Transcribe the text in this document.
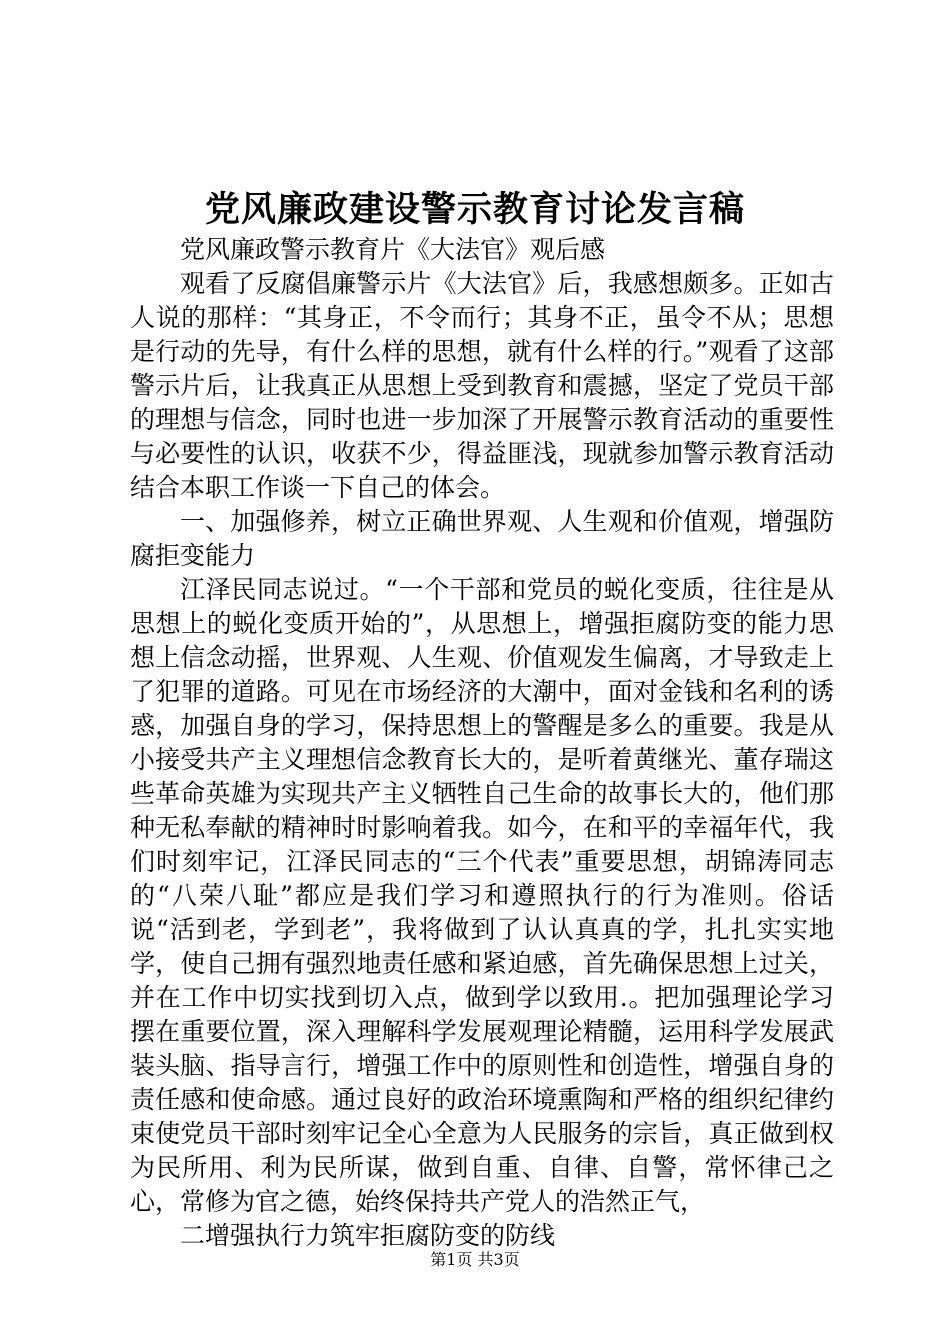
党风廉政建设警示教育讨论发言稿

党风廉政警示教育片《大法官》观后感

观看了反腐倡廉警示片《大法官》后，我感想颇多。正如古人说的那样：“其身正，不令而行；其身不正，虽令不从；思想是行动的先导，有什么样的思想，就有什么样的行。”观看了这部警示片后，让我真正从思想上受到教育和震撼，坚定了党员干部的理想与信念，同时也进一步加深了开展警示教育活动的重要性与必要性的认识，收获不少，得益匪浅，现就参加警示教育活动结合本职工作谈一下自己的体会。

一、加强修养，树立正确世界观、人生观和价值观，增强防腐拒变能力

江泽民同志说过。“一个干部和党员的蜕化变质，往往是从思想上的蜕化变质开始的”，从思想上，增强拒腐防变的能力思想上信念动摇，世界观、人生观、价值观发生偏离，才导致走上了犯罪的道路。可见在市场经济的大潮中，面对金钱和名利的诱惑，加强自身的学习，保持思想上的警醒是多么的重要。我是从小接受共产主义理想信念教育长大的，是听着黄继光、董存瑞这些革命英雄为实现共产主义牺牲自己生命的故事长大的，他们那种无私奉献的精神时时影响着我。如今，在和平的幸福年代，我们时刻牢记，江泽民同志的“三个代表”重要思想，胡锦涛同志的“八荣八耻”都应是我们学习和遵照执行的行为准则。俗话说“活到老，学到老”，我将做到了认认真真的学，扎扎实实地学，使自己拥有强烈地责任感和紧迫感，首先确保思想上过关，并在工作中切实找到切入点，做到学以致用.。把加强理论学习摆在重要位置，深入理解科学发展观理论精髓，运用科学发展武装头脑、指导言行，增强工作中的原则性和创造性，增强自身的责任感和使命感。通过良好的政治环境熏陶和严格的组织纪律约束使党员干部时刻牢记全心全意为人民服务的宗旨，真正做到权为民所用、利为民所谋，做到自重、自律、自警，常怀律己之心，常修为官之德，始终保持共产党人的浩然正气，

二增强执行力筑牢拒腐防变的防线

第1页 共3页
